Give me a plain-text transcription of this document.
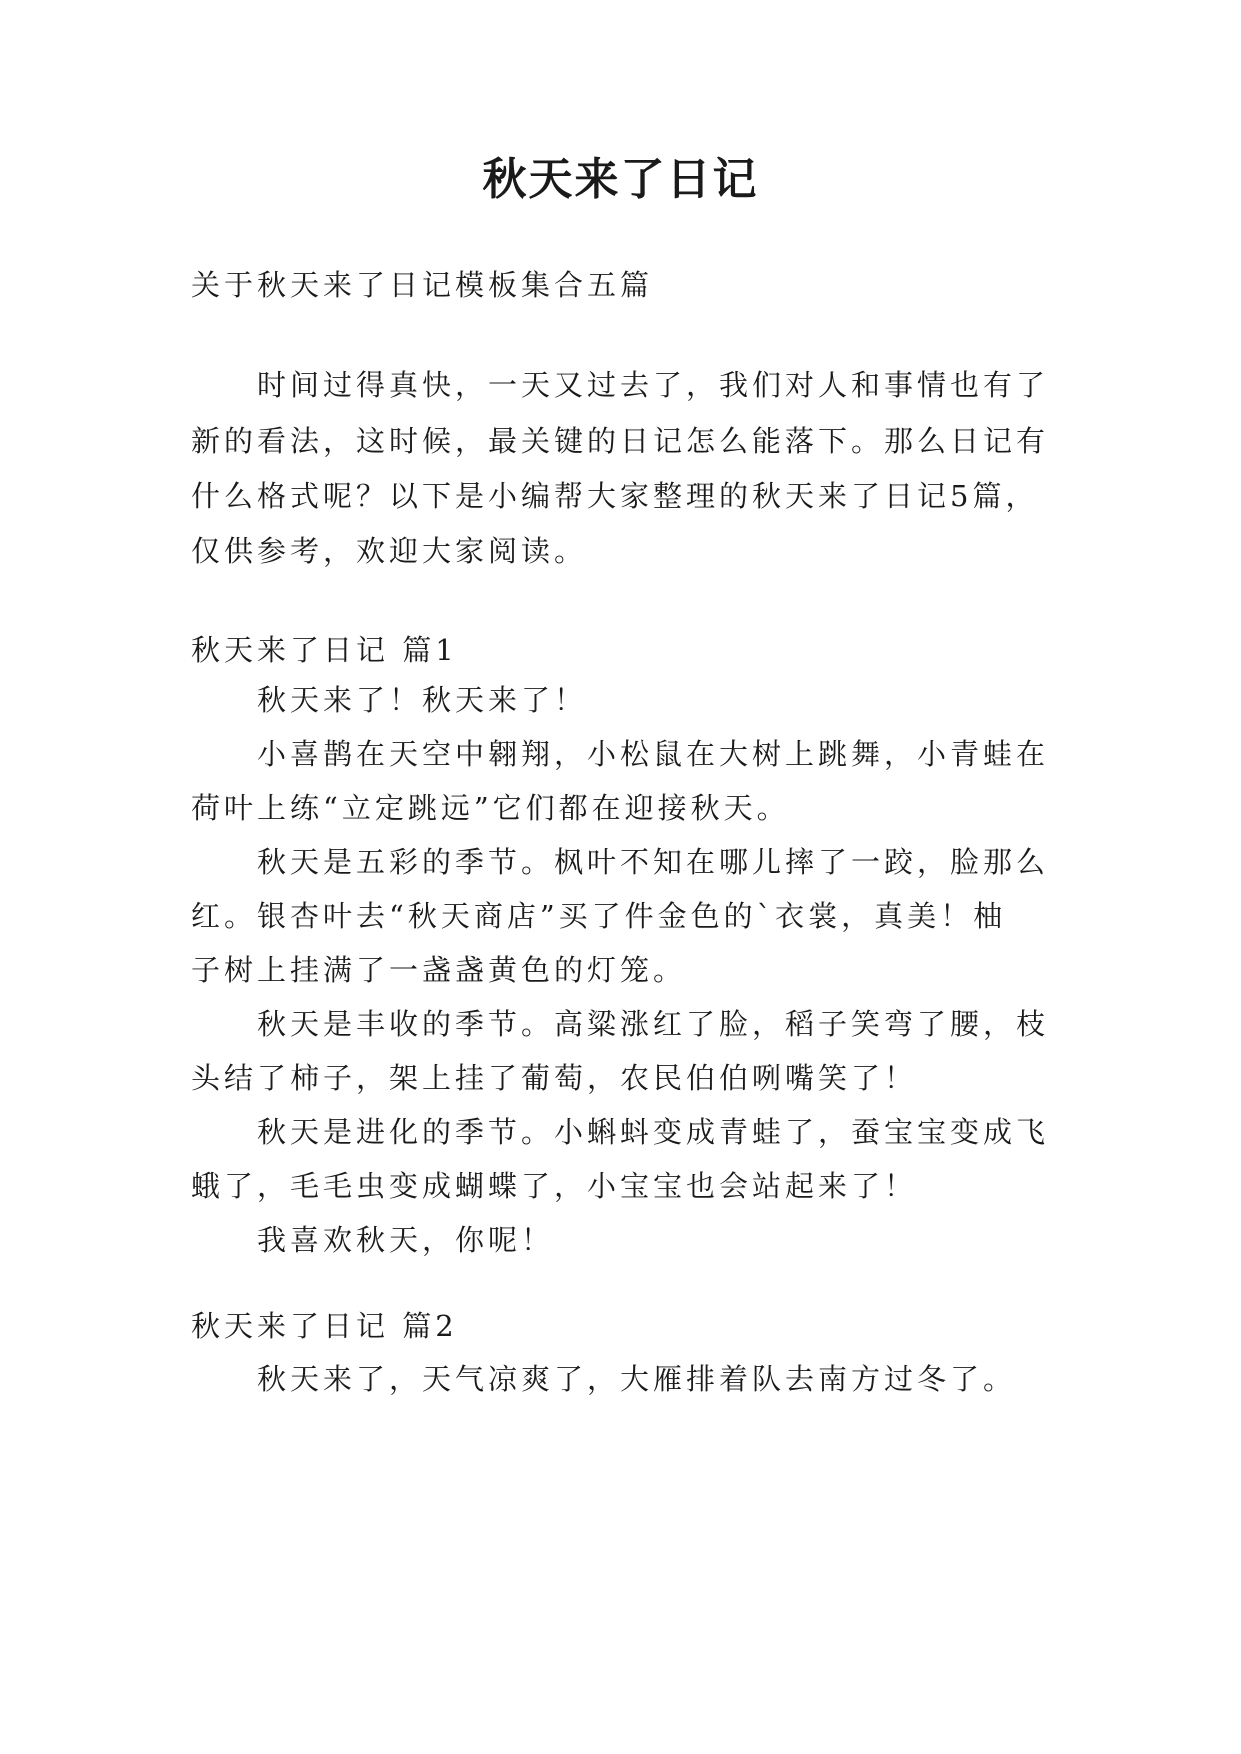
秋天来了日记

关于秋天来了日记模板集合五篇

时间过得真快，一天又过去了，我们对人和事情也有了

新的看法，这时候，最关键的日记怎么能落下。那么日记有

什么格式呢？以下是小编帮大家整理的秋天来了日记5篇，

仅供参考，欢迎大家阅读。

秋天来了日记 篇1

秋天来了！秋天来了！

小喜鹊在天空中翱翔，小松鼠在大树上跳舞，小青蛙在

荷叶上练“立定跳远”它们都在迎接秋天。

秋天是五彩的季节。枫叶不知在哪儿摔了一跤，脸那么

红。银杏叶去“秋天商店”买了件金色的`衣裳，真美！柚

子树上挂满了一盏盏黄色的灯笼。

秋天是丰收的季节。高粱涨红了脸，稻子笑弯了腰，枝

头结了柿子，架上挂了葡萄，农民伯伯咧嘴笑了！

秋天是进化的季节。小蝌蚪变成青蛙了，蚕宝宝变成飞

蛾了，毛毛虫变成蝴蝶了，小宝宝也会站起来了！

我喜欢秋天，你呢！

秋天来了日记 篇2

秋天来了，天气凉爽了，大雁排着队去南方过冬了。
